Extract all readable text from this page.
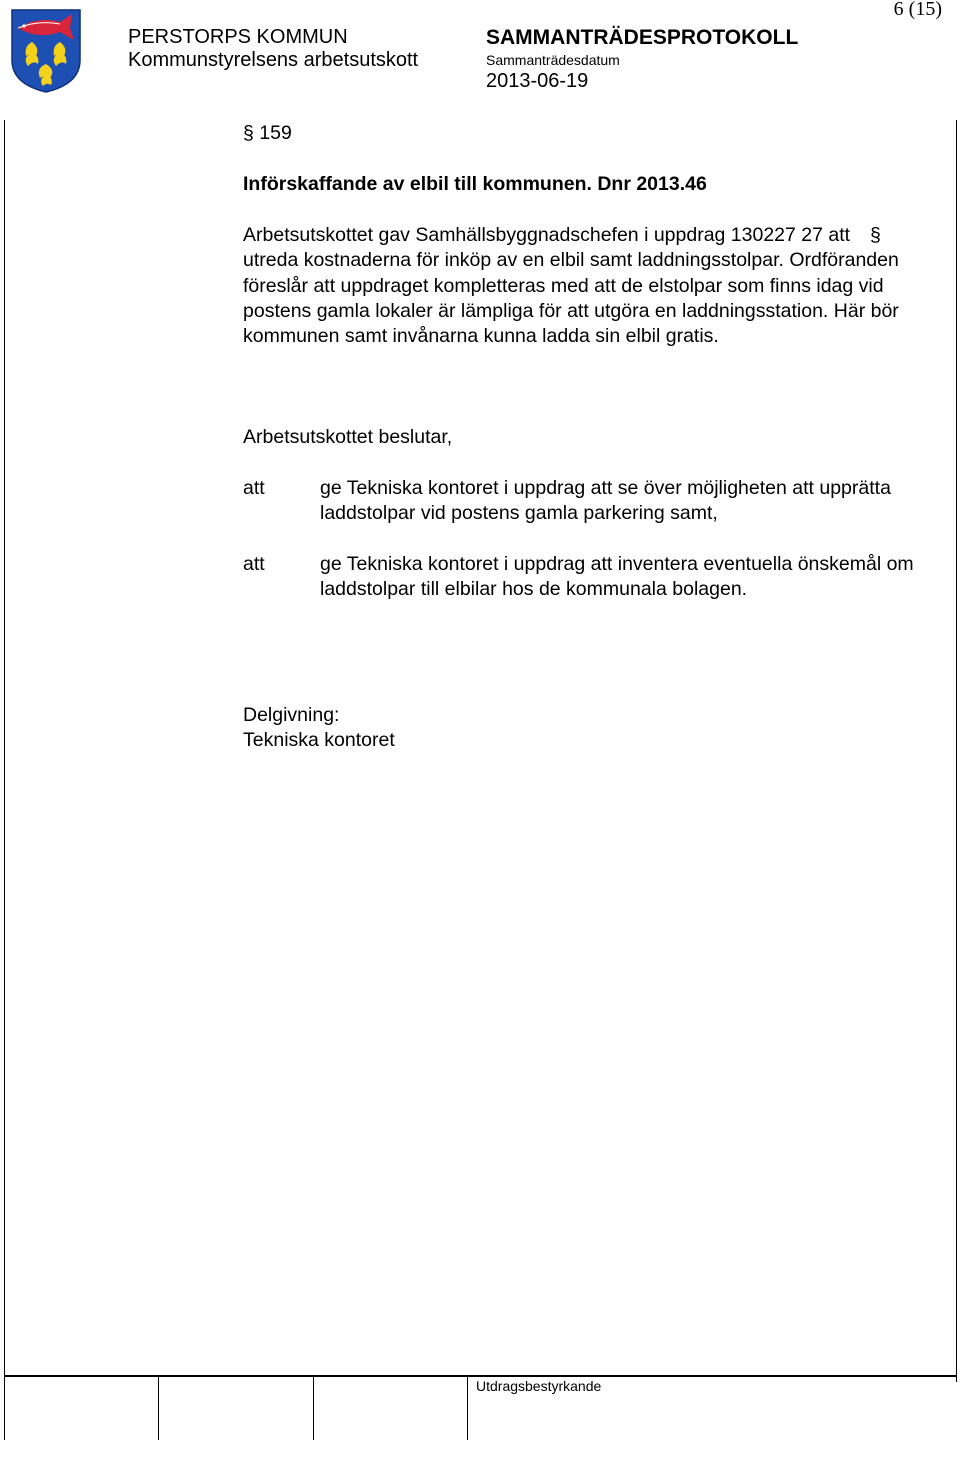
6 (15)
PERSTORPS KOMMUN
Kommunstyrelsens arbetsutskott
SAMMANTRÄDESPROTOKOLL
Sammanträdesdatum
2013-06-19
§ 159
Införskaffande av elbil till kommunen. Dnr 2013.46
Arbetsutskottet gav Samhällsbyggnadschefen i uppdrag 130227 27 att utreda kostnaderna för inköp av en elbil samt laddningsstolpar. Ordföranden föreslår att uppdraget kompletteras med att de elstolpar som finns idag vid postens gamla lokaler är lämpliga för att utgöra en laddningsstation. Här bör kommunen samt invånarna kunna ladda sin elbil gratis.
§
Arbetsutskottet beslutar,
att	ge Tekniska kontoret i uppdrag att se över möjligheten att upprätta laddstolpar vid postens gamla parkering samt,
att	ge Tekniska kontoret i uppdrag att inventera eventuella önskemål om laddstolpar till elbilar hos de kommunala bolagen.
Delgivning:
Tekniska kontoret
Utdragsbestyrkande
